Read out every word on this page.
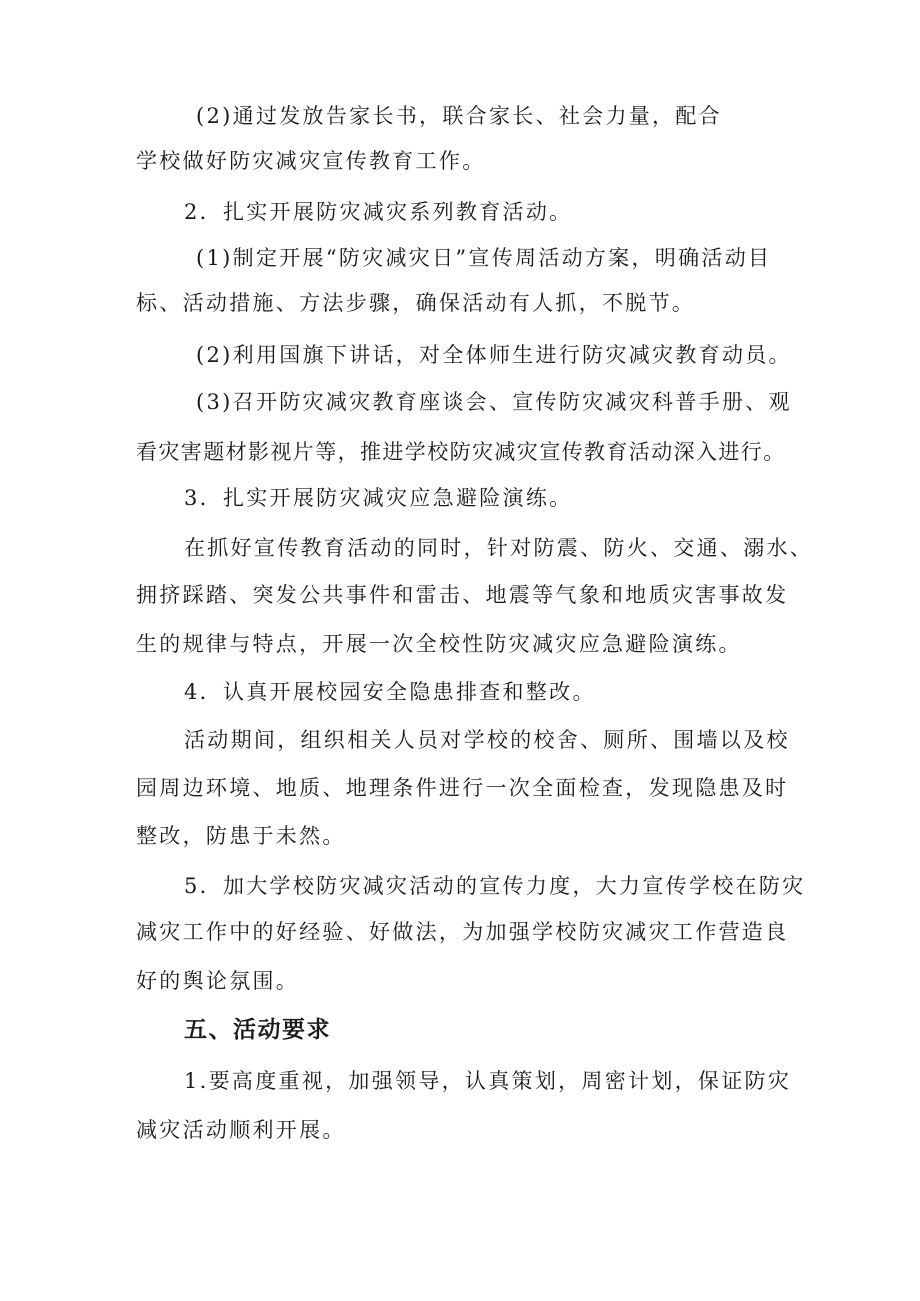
(2)通过发放告家长书，联合家长、社会力量，配合
学校做好防灾减灾宣传教育工作。
2．扎实开展防灾减灾系列教育活动。
(1)制定开展“防灾减灾日”宣传周活动方案，明确活动目
标、活动措施、方法步骤，确保活动有人抓，不脱节。
(2)利用国旗下讲话，对全体师生进行防灾减灾教育动员。
(3)召开防灾减灾教育座谈会、宣传防灾减灾科普手册、观
看灾害题材影视片等，推进学校防灾减灾宣传教育活动深入进行。
3．扎实开展防灾减灾应急避险演练。
在抓好宣传教育活动的同时，针对防震、防火、交通、溺水、
拥挤踩踏、突发公共事件和雷击、地震等气象和地质灾害事故发
生的规律与特点，开展一次全校性防灾减灾应急避险演练。
4．认真开展校园安全隐患排查和整改。
活动期间，组织相关人员对学校的校舍、厕所、围墙以及校
园周边环境、地质、地理条件进行一次全面检查，发现隐患及时
整改，防患于未然。
5．加大学校防灾减灾活动的宣传力度，大力宣传学校在防灾
减灾工作中的好经验、好做法，为加强学校防灾减灾工作营造良
好的舆论氛围。
五、活动要求
1.要高度重视，加强领导，认真策划，周密计划，保证防灾
减灾活动顺利开展。
